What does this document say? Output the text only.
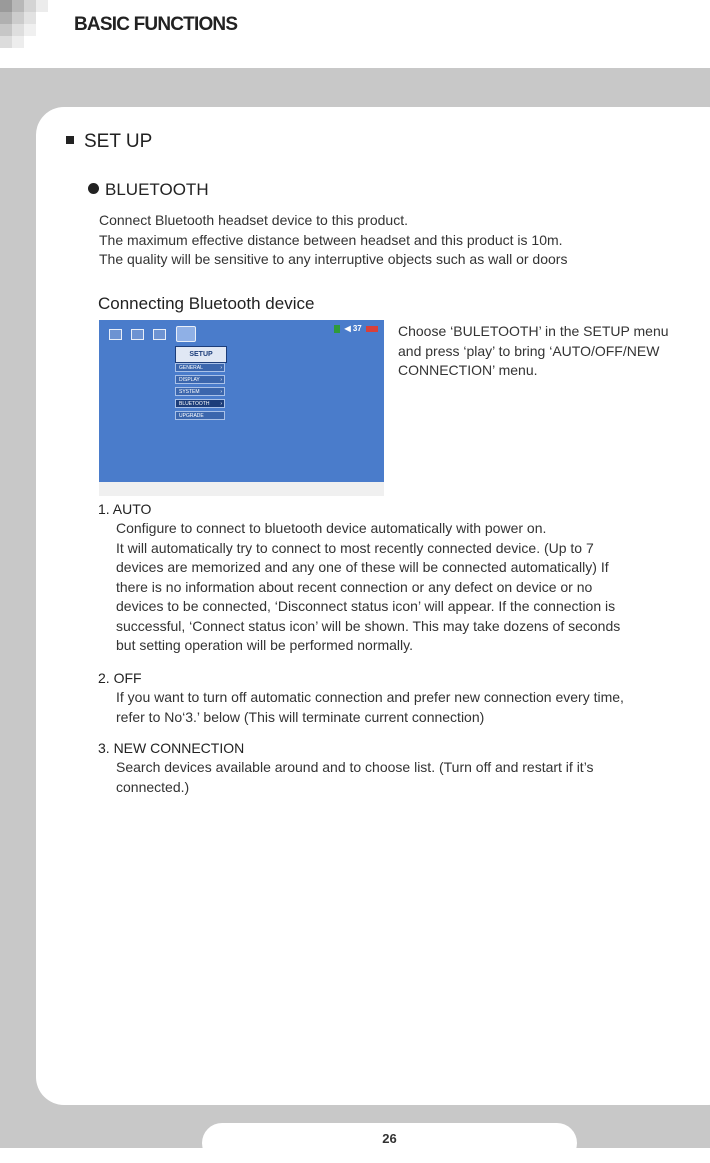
BASIC FUNCTIONS
SET UP
BLUETOOTH
Connect Bluetooth headset device to this product.
The maximum effective distance between headset and this product is 10m.
The quality will be sensitive to any interruptive objects such as wall or doors
Connecting Bluetooth device
◀ 37
SETUP
GENERAL	›
DISPLAY	›
SYSTEM	›
BLUETOOTH ›
UPGRADE
Choose ‘BULETOOTH’ in the SETUP menu
and press ‘play’ to bring ‘AUTO/OFF/NEW
CONNECTION’ menu.
1. AUTO
Configure to connect to bluetooth device automatically with power on.
It will automatically try to connect to most recently connected device. (Up to 7
devices are memorized and any one of these will be connected automatically) If
there is no information about recent connection or any defect on device or no
devices to be connected, ‘Disconnect status icon’ will appear. If the connection is
successful, ‘Connect status icon’ will be shown. This may take dozens of seconds
but setting operation will be performed normally.
2. OFF
If you want to turn off automatic connection and prefer new connection every time,
refer to No‘3.’ below (This will terminate current connection)
3. NEW CONNECTION
Search devices available around and to choose list. (Turn off and restart if it’s
connected.)
26
